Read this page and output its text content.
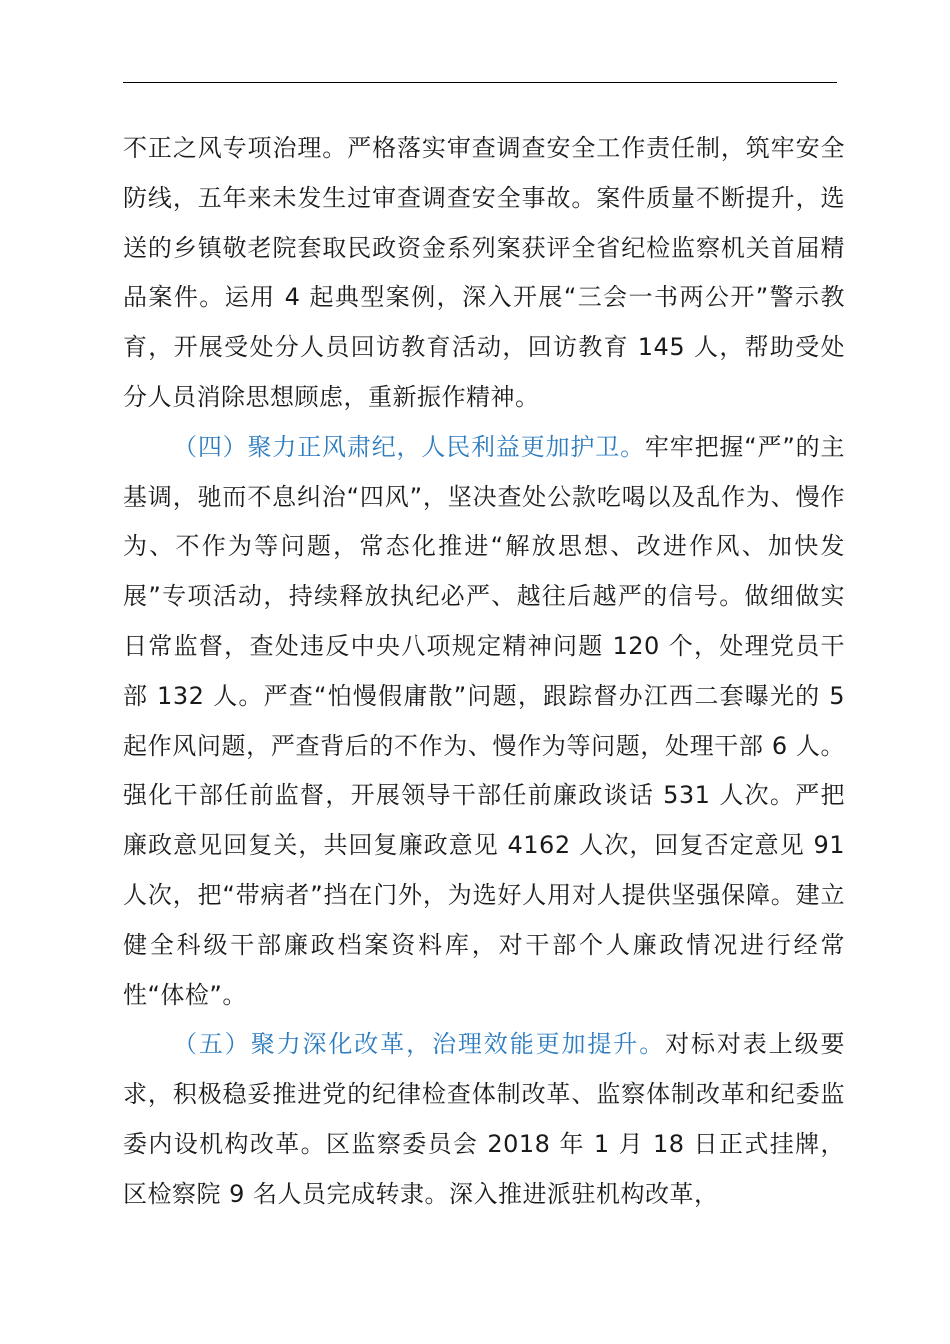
不正之风专项治理。严格落实审查调查安全工作责任制，筑牢安全防线，五年来未发生过审查调查安全事故。案件质量不断提升，选送的乡镇敬老院套取民政资金系列案获评全省纪检监察机关首届精品案件。运用 4 起典型案例，深入开展“三会一书两公开”警示教育，开展受处分人员回访教育活动，回访教育 145 人，帮助受处分人员消除思想顾虑，重新振作精神。

（四）聚力正风肃纪，人民利益更加护卫。牢牢把握“严”的主基调，驰而不息纠治“四风”，坚决查处公款吃喝以及乱作为、慢作为、不作为等问题，常态化推进“解放思想、改进作风、加快发展”专项活动，持续释放执纪必严、越往后越严的信号。做细做实日常监督，查处违反中央八项规定精神问题 120 个，处理党员干部 132 人。严查“怕慢假庸散”问题，跟踪督办江西二套曝光的 5 起作风问题，严查背后的不作为、慢作为等问题，处理干部 6 人。强化干部任前监督，开展领导干部任前廉政谈话 531 人次。严把廉政意见回复关，共回复廉政意见 4162 人次，回复否定意见 91 人次，把“带病者”挡在门外，为选好人用对人提供坚强保障。建立健全科级干部廉政档案资料库，对干部个人廉政情况进行经常性“体检”。

（五）聚力深化改革，治理效能更加提升。对标对表上级要求，积极稳妥推进党的纪律检查体制改革、监察体制改革和纪委监委内设机构改革。区监察委员会 2018 年 1 月 18 日正式挂牌，区检察院 9 名人员完成转隶。深入推进派驻机构改革，
